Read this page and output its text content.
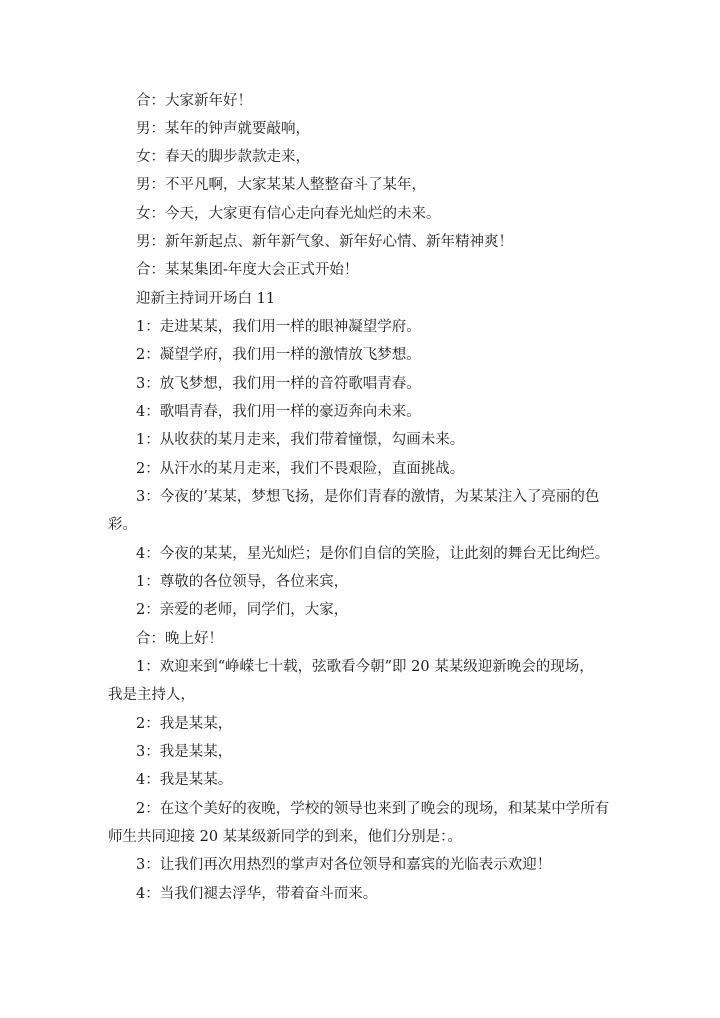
合：大家新年好！
男：某年的钟声就要敲响，
女：春天的脚步款款走来，
男：不平凡啊，大家某某人整整奋斗了某年，
女：今天，大家更有信心走向春光灿烂的未来。
男：新年新起点、新年新气象、新年好心情、新年精神爽！
合：某某集团-年度大会正式开始！
迎新主持词开场白 11
1：走进某某，我们用一样的眼神凝望学府。
2：凝望学府，我们用一样的激情放飞梦想。
3：放飞梦想，我们用一样的音符歌唱青春。
4：歌唱青春，我们用一样的豪迈奔向未来。
1：从收获的某月走来，我们带着憧憬，勾画未来。
2：从汗水的某月走来，我们不畏艰险，直面挑战。
3：今夜的’某某，梦想飞扬，是你们青春的激情，为某某注入了亮丽的色
彩。
4：今夜的某某，星光灿烂；是你们自信的笑脸，让此刻的舞台无比绚烂。
1：尊敬的各位领导，各位来宾，
2：亲爱的老师，同学们，大家，
合：晚上好！
1：欢迎来到“峥嵘七十载，弦歌看今朝”即 20 某某级迎新晚会的现场，
我是主持人，
2：我是某某，
3：我是某某，
4：我是某某。
2：在这个美好的夜晚，学校的领导也来到了晚会的现场，和某某中学所有
师生共同迎接 20 某某级新同学的到来，他们分别是：。
3：让我们再次用热烈的掌声对各位领导和嘉宾的光临表示欢迎！
4：当我们褪去浮华，带着奋斗而来。
